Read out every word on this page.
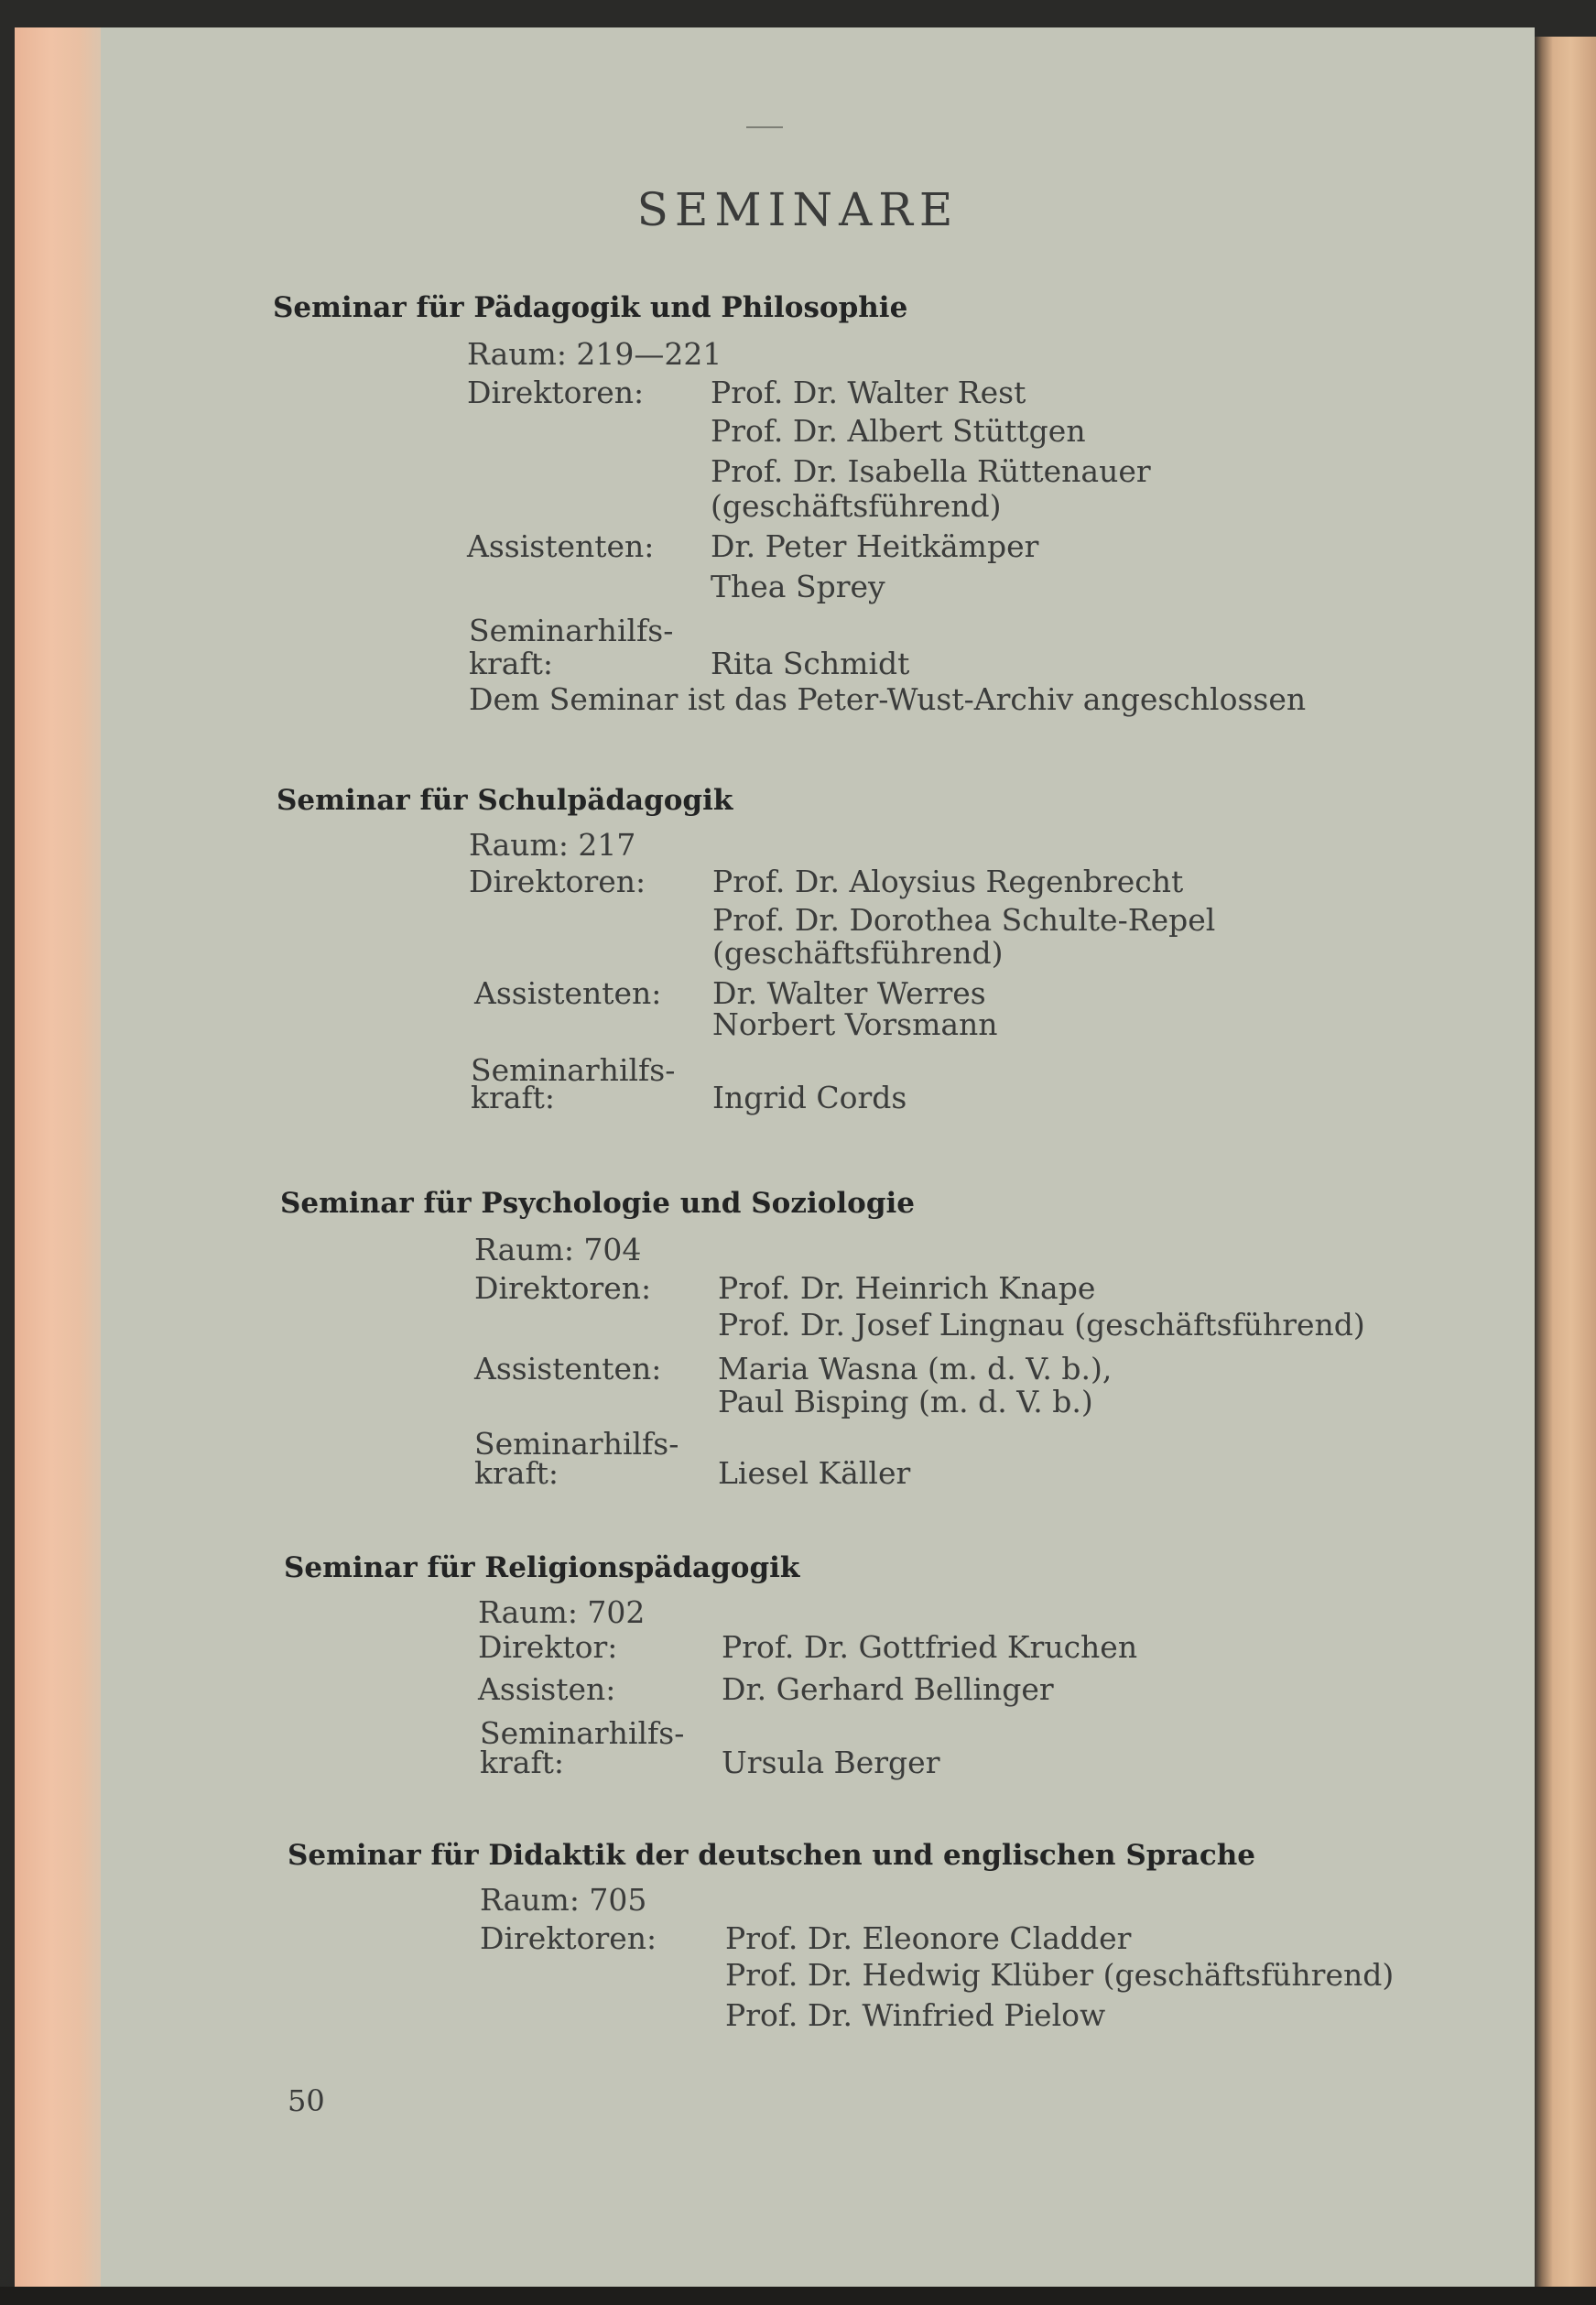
SEMINARE
Seminar für Pädagogik und Philosophie
Raum: 219—221
Direktoren: Prof. Dr. Walter Rest
Prof. Dr. Albert Stüttgen
Prof. Dr. Isabella Rüttenauer
(geschäftsführend)
Assistenten: Dr. Peter Heitkämper
Thea Sprey
Seminarhilfs-
kraft:	Rita Schmidt
Dem Seminar ist das Peter-Wust-Archiv angeschlossen
Seminar für Schulpädagogik
Raum: 217
Direktoren: Prof. Dr. Aloysius Regenbrecht
Prof. Dr. Dorothea Schulte-Repel
(geschäftsführend)
Assistenten: Dr. Walter Werres
Norbert Vorsmann
Seminarhilfs-
kraft:	Ingrid Cords
Seminar für Psychologie und Soziologie
Raum: 704
Direktoren: Prof. Dr. Heinrich Knape
Prof. Dr. Josef Lingnau (geschäftsführend)
Assistenten: Maria Wasna (m. d. V. b.),
Paul Bisping (m. d. V. b.)
Seminarhilfs-
kraft:	Liesel Käller
Seminar für Religionspädagogik
Raum: 702
Direktor:	Prof. Dr. Gottfried Kruchen
Assisten:	Dr. Gerhard Bellinger
Seminarhilfs-
kraft:	Ursula Berger
Seminar für Didaktik der deutschen und englischen Sprache
Raum: 705
Direktoren: Prof. Dr. Eleonore Cladder
Prof. Dr. Hedwig Klüber (geschäftsführend)
Prof. Dr. Winfried Pielow
50
